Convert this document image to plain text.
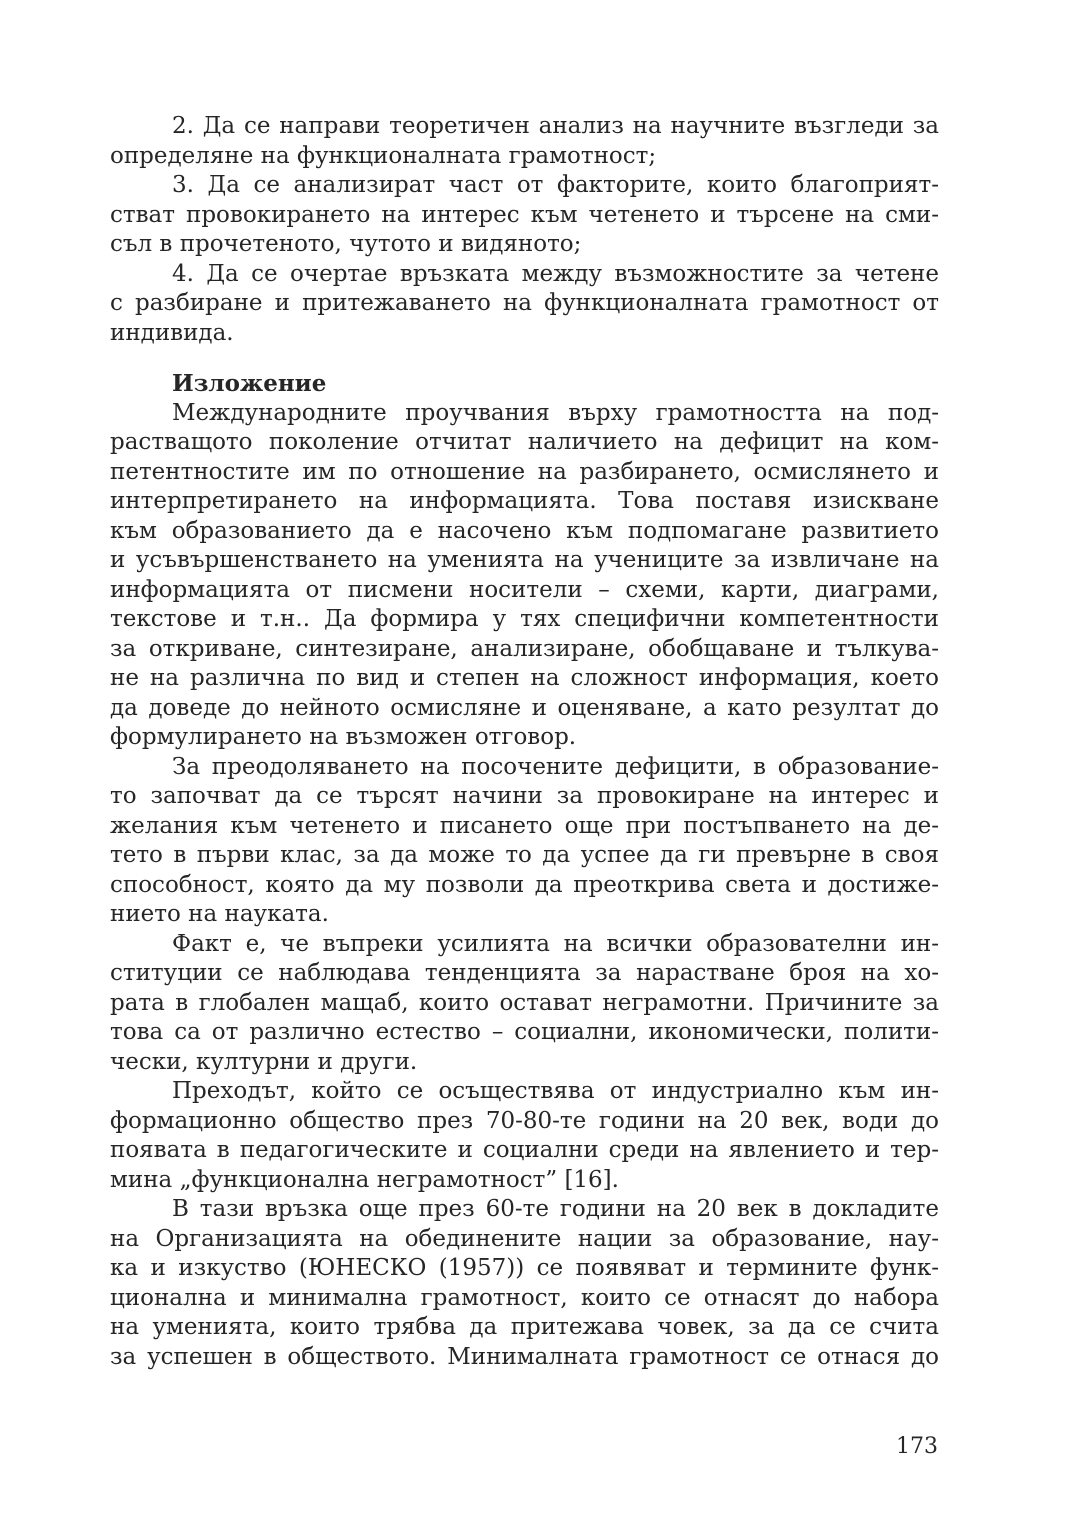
2. Да се направи теоретичен анализ на научните възгледи за
определяне на функционалната грамотност;
3. Да се анализират част от факторите, които благоприят-
стват провокирането на интерес към четенето и търсене на сми-
съл в прочетеното, чутото и видяното;
4. Да се очертае връзката между възможностите за четене
с разбиране и притежаването на функционалната грамотност от
индивида.
Изложение
Международните проучвания върху грамотността на под-
растващото поколение отчитат наличието на дефицит на ком-
петентностите им по отношение на разбирането, осмислянето и
интерпретирането на информацията. Това поставя изискване
към образованието да е насочено към подпомагане развитието
и усъвършенстването на уменията на учениците за извличане на
информацията от писмени носители – схеми, карти, диаграми,
текстове и т.н.. Да формира у тях специфични компетентности
за откриване, синтезиране, анализиране, обобщаване и тълкува-
не на различна по вид и степен на сложност информация, което
да доведе до нейното осмисляне и оценяване, а като резултат до
формулирането на възможен отговор.
За преодоляването на посочените дефицити, в образование-
то започват да се търсят начини за провокиране на интерес и
желания към четенето и писането още при постъпването на де-
тето в първи клас, за да може то да успее да ги превърне в своя
способност, която да му позволи да преоткрива света и достиже-
нието на науката.
Факт е, че въпреки усилията на всички образователни ин-
ституции се наблюдава тенденцията за нарастване броя на хо-
рата в глобален мащаб, които остават неграмотни. Причините за
това са от различно естество – социални, икономически, полити-
чески, културни и други.
Преходът, който се осъществява от индустриално към ин-
формационно общество през 70-80-те години на 20 век, води до
появата в педагогическите и социални среди на явлението и тер-
мина „функционална неграмотност” [16].
В тази връзка още през 60-те години на 20 век в докладите
на Организацията на обединените нации за образование, нау-
ка и изкуство (ЮНЕСКО (1957)) се появяват и термините функ-
ционална и минимална грамотност, които се отнасят до набора
на уменията, които трябва да притежава човек, за да се счита
за успешен в обществото. Минималната грамотност се отнася до
173
